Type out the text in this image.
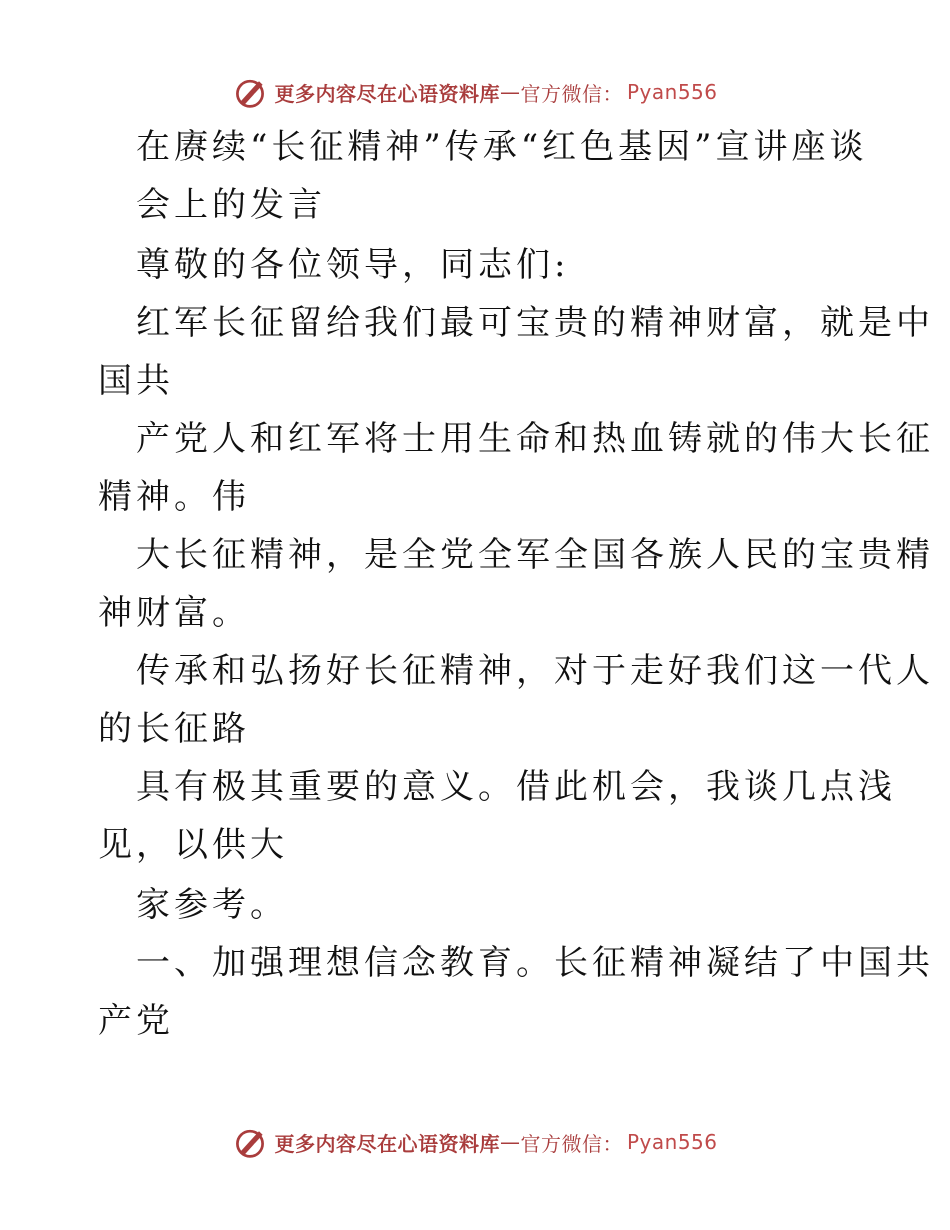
更多内容尽在心语资料库 — 官方微信： Pyan556
在赓续“长征精神”传承“红色基因”宣讲座谈
会上的发言
尊敬的各位领导，同志们:
红军长征留给我们最可宝贵的精神财富，就是中
国共
产党人和红军将士用生命和热血铸就的伟大长征
精神。伟
大长征精神，是全党全军全国各族人民的宝贵精
神财富。
传承和弘扬好长征精神，对于走好我们这一代人
的长征路
具有极其重要的意义。借此机会，我谈几点浅
见，以供大
家参考。
一、加强理想信念教育。长征精神凝结了中国共
产党
更多内容尽在心语资料库 — 官方微信： Pyan556
